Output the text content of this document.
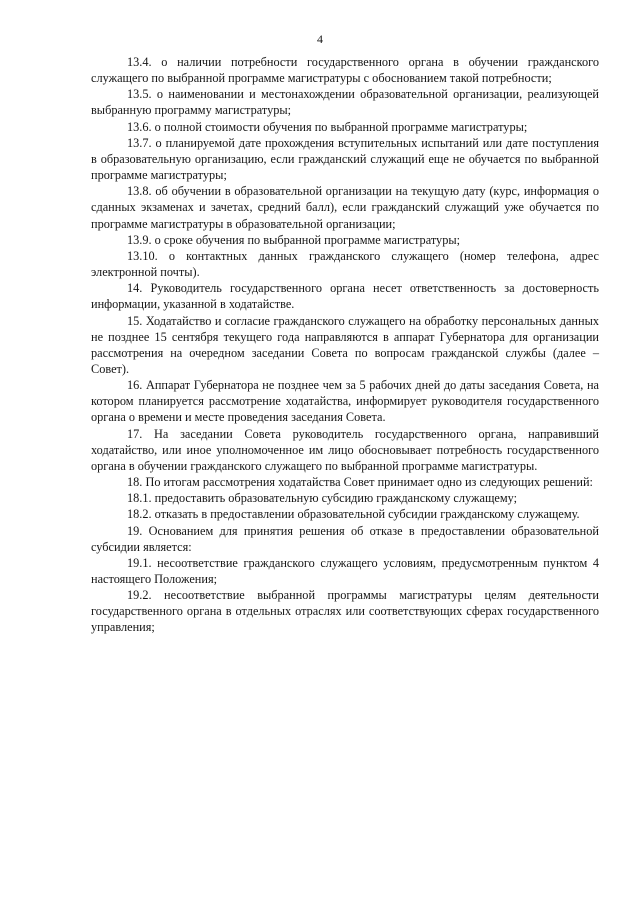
4

13.4. о наличии потребности государственного органа в обучении гражданского служащего по выбранной программе магистратуры с обоснованием такой потребности;

13.5. о наименовании и местонахождении образовательной организации, реализующей выбранную программу магистратуры;

13.6. о полной стоимости обучения по выбранной программе магистратуры;

13.7. о планируемой дате прохождения вступительных испытаний или дате поступления в образовательную организацию, если гражданский служащий еще не обучается по выбранной программе магистратуры;

13.8. об обучении в образовательной организации на текущую дату (курс, информация о сданных экзаменах и зачетах, средний балл), если гражданский служащий уже обучается по программе магистратуры в образовательной организации;

13.9. о сроке обучения по выбранной программе магистратуры;

13.10. о контактных данных гражданского служащего (номер телефона, адрес электронной почты).

14. Руководитель государственного органа несет ответственность за достоверность информации, указанной в ходатайстве.

15. Ходатайство и согласие гражданского служащего на обработку персональных данных не позднее 15 сентября текущего года направляются в аппарат Губернатора для организации рассмотрения на очередном заседании Совета по вопросам гражданской службы (далее – Совет).

16. Аппарат Губернатора не позднее чем за 5 рабочих дней до даты заседания Совета, на котором планируется рассмотрение ходатайства, информирует руководителя государственного органа о времени и месте проведения заседания Совета.

17. На заседании Совета руководитель государственного органа, направивший ходатайство, или иное уполномоченное им лицо обосновывает потребность государственного органа в обучении гражданского служащего по выбранной программе магистратуры.

18. По итогам рассмотрения ходатайства Совет принимает одно из следующих решений:

18.1. предоставить образовательную субсидию гражданскому служащему;

18.2. отказать в предоставлении образовательной субсидии гражданскому служащему.

19. Основанием для принятия решения об отказе в предоставлении образовательной субсидии является:

19.1. несоответствие гражданского служащего условиям, предусмотренным пунктом 4 настоящего Положения;

19.2. несоответствие выбранной программы магистратуры целям деятельности государственного органа в отдельных отраслях или соответствующих сферах государственного управления;
